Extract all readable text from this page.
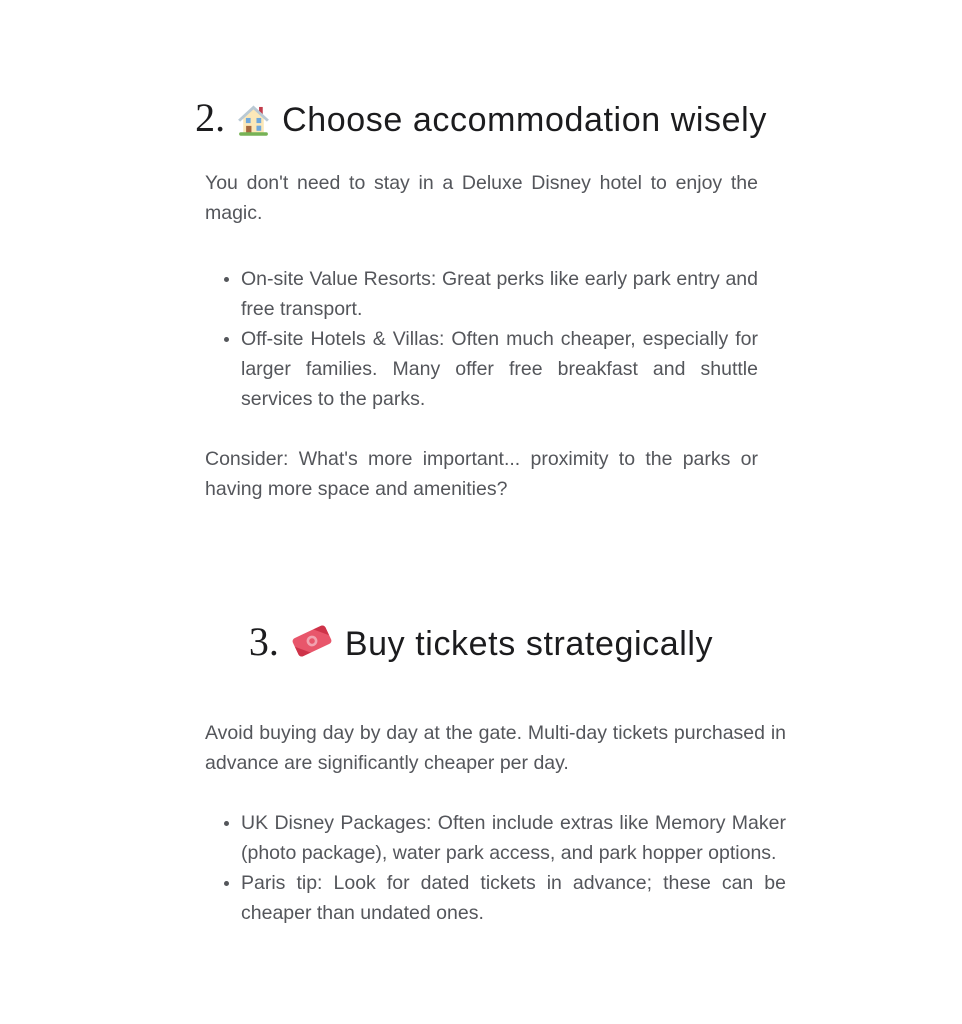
2. Choose accommodation wisely

You don't need to stay in a Deluxe Disney hotel to enjoy the magic.

• On-site Value Resorts: Great perks like early park entry and free transport.
• Off-site Hotels & Villas: Often much cheaper, especially for larger families. Many offer free breakfast and shuttle services to the parks.

Consider: What's more important... proximity to the parks or having more space and amenities?

3. Buy tickets strategically

Avoid buying day by day at the gate. Multi-day tickets purchased in advance are significantly cheaper per day.

• UK Disney Packages: Often include extras like Memory Maker (photo package), water park access, and park hopper options.
• Paris tip: Look for dated tickets in advance; these can be cheaper than undated ones.
